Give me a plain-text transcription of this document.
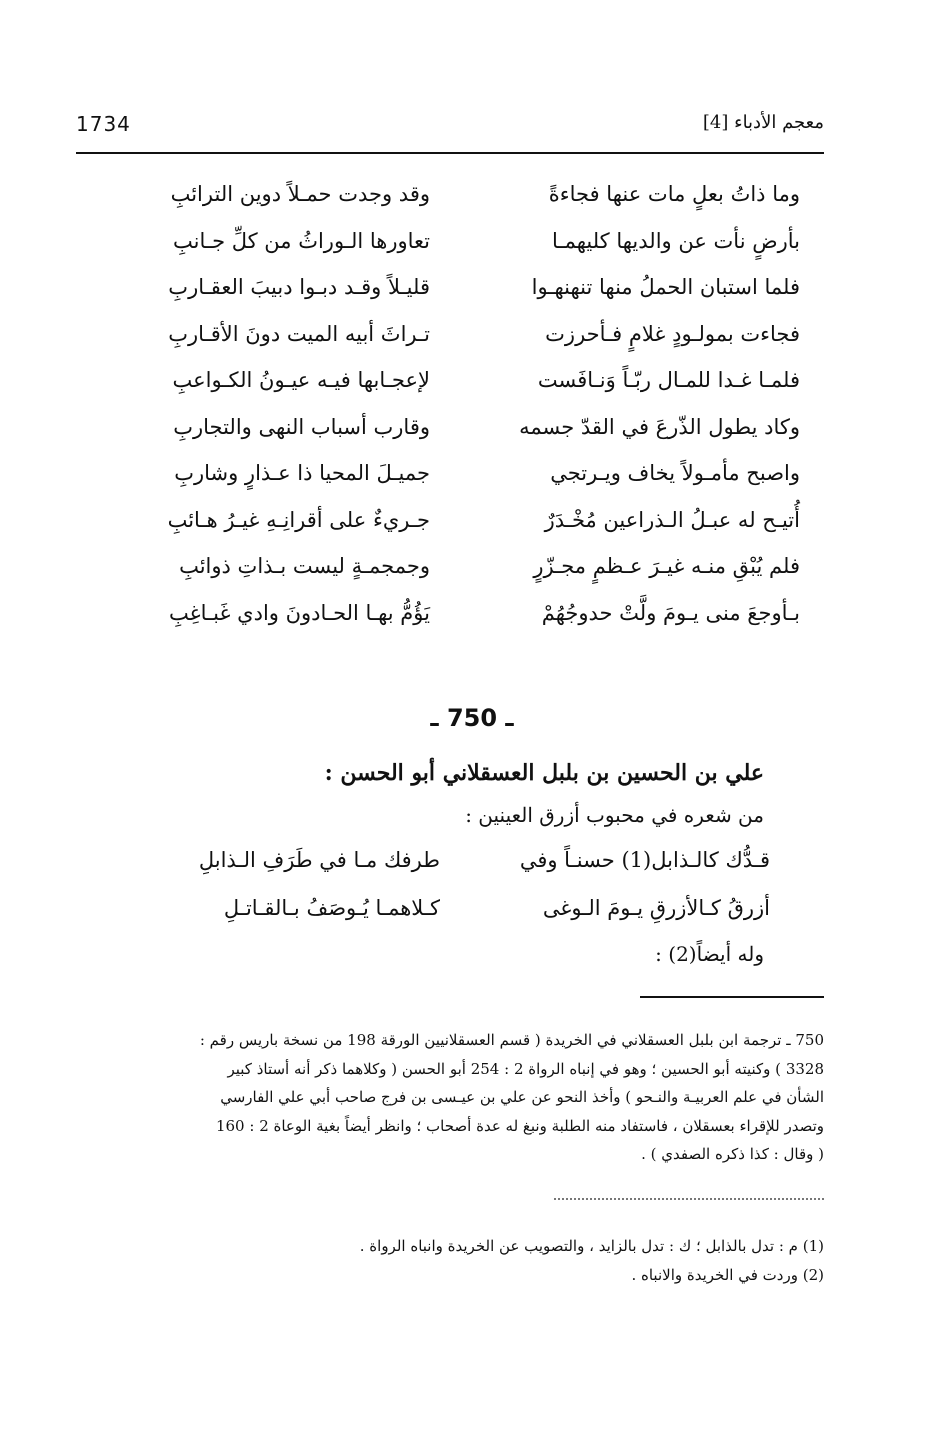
1734	معجم الأدباء [4]
وما ذاتُ بعلٍ مات عنها فجاءةً
وقد وجدت حمـلاً دوين الترائبِ
بأرضٍ نأت عن والديها كليهمـا
تعاورها الـوراثُ من كلِّ جـانبِ
فلما استبان الحملُ منها تنهنهـوا
قليـلاً وقـد دبـوا دبيبَ العقـاربِ
فجاءت بمولـودٍ غلامٍ فـأحرزت
تـراثَ أبيه الميت دونَ الأقـاربِ
فلمـا غـدا للمـال ربّـاً وَنـافَست
لإعجـابها فيـه عيـونُ الكـواعبِ
وكاد يطول الذّرعَ في القدّ جسمه
وقارب أسباب النهى والتجاربِ
واصبح مأمـولاً يخاف ويـرتجي
جميـلَ المحيا ذا عـذارٍ وشاربِ
أُتيـح له عبـلُ الـذراعين مُخْـدَرٌ
جـريءٌ على أقرانِـهِ غيـرُ هـائبِ
فلم يُبْقِ منـه غيـرَ عـظمٍ مجـزّرٍ
وجمجمـةٍ ليست بـذاتِ ذوائبِ
بـأوجعَ منى يـومَ ولَّتْ حدوجُهُمْ
يَؤُمُّ بهـا الحـادونَ وادي غَبـاغِبِ
ـ 750 ـ
علي بن الحسين بن بلبل العسقلاني أبو الحسن :
من شعره في محبوب أزرق العينين :
قـدُّك كالـذابل(1) حسنـاً وفي
طرفك مـا في طَرَفِ الـذابلِ
أزرقُ كـالأزرقِ يـومَ الـوغى
كـلاهمـا يُـوصَفُ بـالقـاتـلِ
وله أيضاً(2) :
750 ـ ترجمة ابن بلبل العسقلاني في الخريدة ( قسم العسقلانيين الورقة 198 من نسخة باريس رقم :
3328 ) وكنيته أبو الحسين ؛ وهو في إنباه الرواة 2 : 254 أبو الحسن ( وكلاهما ذكر أنه أستاذ كبير
الشأن في علم العربيـة والنـحو ) وأخذ النحو عن علي بن عيـسى بن فرج صاحب أبي علي الفارسي
وتصدر للإقراء بعسقلان ، فاستفاد منه الطلبة ونبغ له عدة أصحاب ؛ وانظر أيضاً بغية الوعاة 2 : 160
( وقال : كذا ذكره الصفدي ) .
(1) م : تدل بالذابل ؛ ك : تدل بالزايد ، والتصويب عن الخريدة وانباه الرواة .
(2) وردت في الخريدة والانباه .
